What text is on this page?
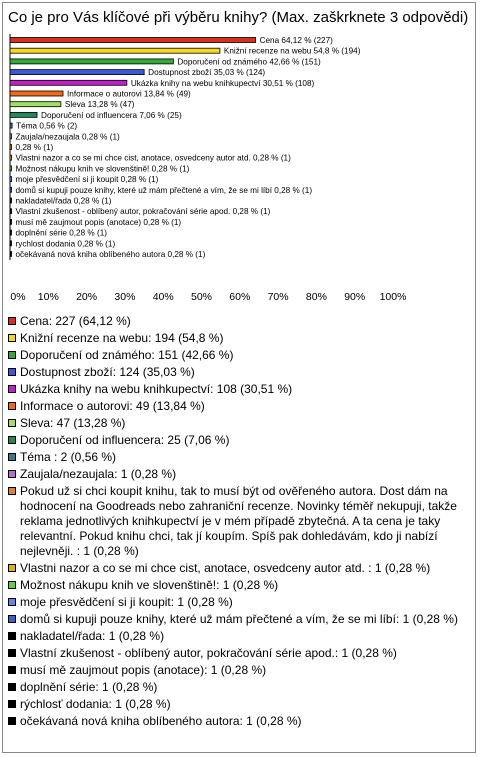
Co je pro Vás klíčové při výběru knihy? (Max. zaškrknete 3 odpovědi)
Cena 64,12 % (227)
Knižní recenze na webu 54,8 % (194)
Doporučení od známého 42,66 % (151)
Dostupnost zboží 35,03 % (124)
Ukázka knihy na webu knihkupectví 30,51 % (108)
Informace o autorovi 13,84 % (49)
Sleva 13,28 % (47)
Doporučení od influencera 7,06 % (25)
Téma 0,56 % (2)
Zaujala/nezaujala 0,28 % (1)
0,28 % (1)
Vlastni nazor a co se mi chce cist, anotace, osvedceny autor atd. 0,28 % (1)
Možnost nákupu knih ve slovenštině! 0,28 % (1)
moje přesvědčení si ji koupit 0,28 % (1)
domů si kupuji pouze knihy, které už mám přečtené a vím, že se mi líbí 0,28 % (1)
nakladatel/řada 0,28 % (1)
Vlastní zkušenost - oblíbený autor, pokračování série apod. 0,28 % (1)
musí mě zaujmout popis (anotace) 0,28 % (1)
doplnění série 0,28 % (1)
rychlost dodania 0,28 % (1)
očekávaná nová kniha oblíbeného autora 0,28 % (1)
0% 10% 20% 30% 40% 50% 60% 70% 80% 90% 100%
Cena: 227 (64,12 %)
Knižní recenze na webu: 194 (54,8 %)
Doporučení od známého: 151 (42,66 %)
Dostupnost zboží: 124 (35,03 %)
Ukázka knihy na webu knihkupectví: 108 (30,51 %)
Informace o autorovi: 49 (13,84 %)
Sleva: 47 (13,28 %)
Doporučení od influencera: 25 (7,06 %)
Téma : 2 (0,56 %)
Zaujala/nezaujala: 1 (0,28 %)
Pokud už si chci koupit knihu, tak to musí být od ověřeného autora. Dost dám na hodnocení na Goodreads nebo zahraniční recenze. Novinky téměř nekupuji, takže reklama jednotlivých knihkupectví je v mém případě zbytečná. A ta cena je taky relevantní. Pokud knihu chci, tak jí koupím. Spíš pak dohledávám, kdo ji nabízí nejlevněji. : 1 (0,28 %)
Vlastni nazor a co se mi chce cist, anotace, osvedceny autor atd. : 1 (0,28 %)
Možnost nákupu knih ve slovenštině!: 1 (0,28 %)
moje přesvědčení si ji koupit: 1 (0,28 %)
domů si kupuji pouze knihy, které už mám přečtené a vím, že se mi líbí: 1 (0,28 %)
nakladatel/řada: 1 (0,28 %)
Vlastní zkušenost - oblíbený autor, pokračování série apod.: 1 (0,28 %)
musí mě zaujmout popis (anotace): 1 (0,28 %)
doplnění série: 1 (0,28 %)
rýchlosť dodania: 1 (0,28 %)
očekávaná nová kniha oblíbeného autora: 1 (0,28 %)
